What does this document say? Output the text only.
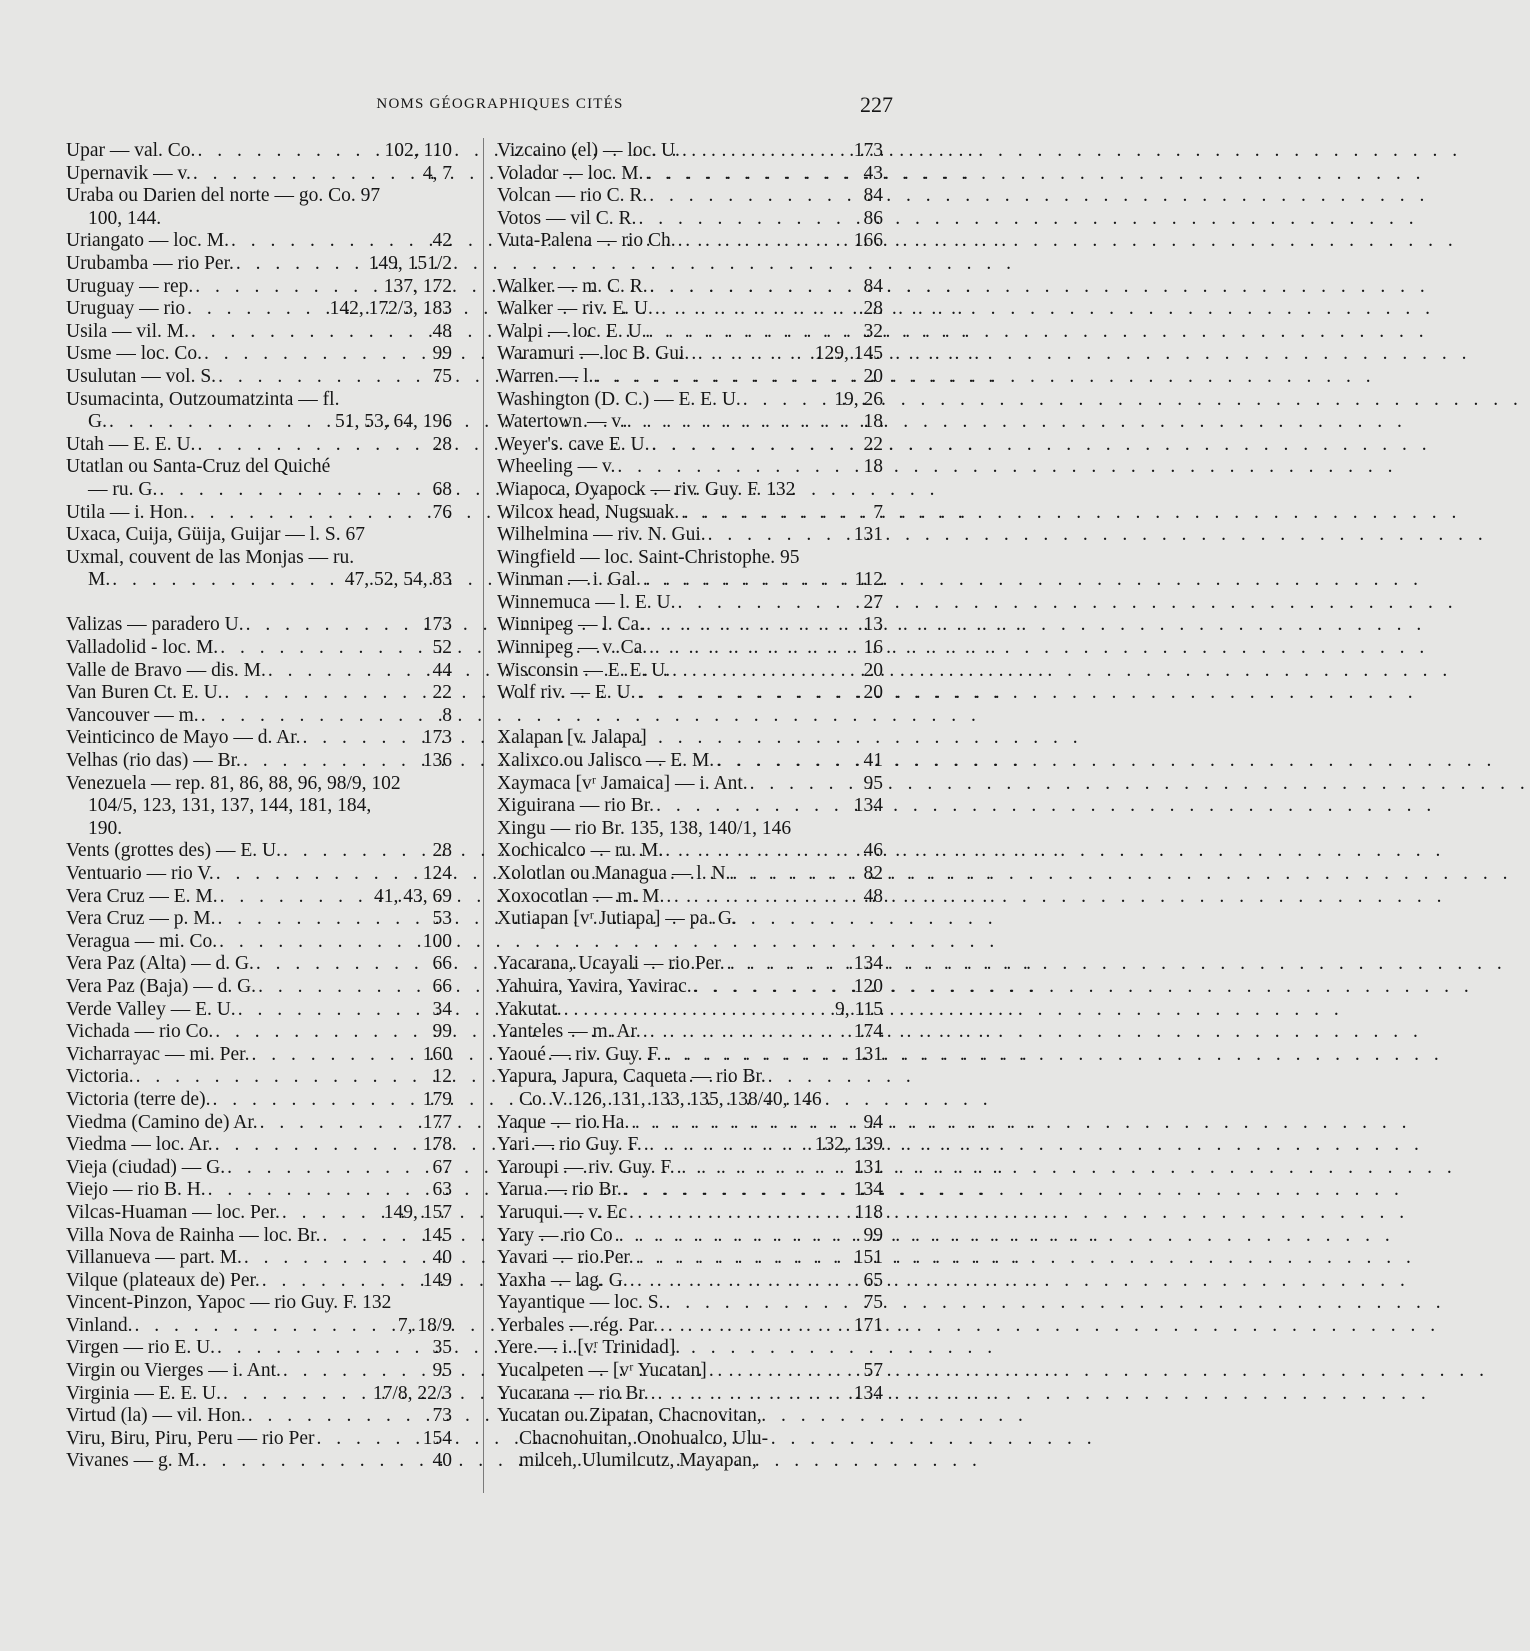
NOMS GÉOGRAPHIQUES CITÉS	227
Upar — val. Co. . . .	102, 110
Upernavik — v. . . .	4, 7
Uraba ou Darien del norte — go. Co. 97
100, 144.
Uriangato — loc. M. . . .	42
Urubamba — rio Per. . . .	149, 151/2
Uruguay — rep. . . .	137, 172
Uruguay — rio . . .	142, 172/3, 183
Usila — vil. M. . . .	48
Usme — loc. Co. . . .	99
Usulutan — vol. S. . . .	75
Usumacinta, Outzoumatzinta — fl.
G. . . .	51, 53, 64, 196
Utah — E. E. U. . . .	28
Utatlan ou Santa-Cruz del Quiché
— ru. G. . . .	68
Utila — i. Hon. . . .	76
Uxaca, Cuija, Güija, Guijar — l. S. 67
Uxmal, couvent de las Monjas — ru.
M. . . .	47, 52, 54, 83
Valizas — paradero U. . . .	173
Valladolid - loc. M. . . .	52
Valle de Bravo — dis. M. . . .	44
Van Buren Ct. E. U. . . .	22
Vancouver — m. . . .	8
Veinticinco de Mayo — d. Ar. . . .	173
Velhas (rio das) — Br. . . .	136
Venezuela — rep. 81, 86, 88, 96, 98/9, 102
104/5, 123, 131, 137, 144, 181, 184,
190.
Vents (grottes des) — E. U. . . .	28
Ventuario — rio V. . . .	124
Vera Cruz — E. M. . . .	41, 43, 69
Vera Cruz — p. M. . . .	53
Veragua — mi. Co. . . .	100
Vera Paz (Alta) — d. G. . . .	66
Vera Paz (Baja) — d. G. . . .	66
Verde Valley — E. U. . . .	34
Vichada — rio Co. . . .	99
Vicharrayac — mi. Per. . . .	160
Victoria. . . .	12
Victoria (terre de). . . .	179
Viedma (Camino de) Ar. . . .	177
Viedma — loc. Ar. . . .	178
Vieja (ciudad) — G. . . .	67
Viejo — rio B. H. . . .	63
Vilcas-Huaman — loc. Per. . . .	149, 157
Villa Nova de Rainha — loc. Br. . . .	145
Villanueva — part. M. . . .	40
Vilque (plateaux de) Per. . . .	149
Vincent-Pinzon, Yapoc — rio Guy. F. 132
Vinland. . . .	7, 18/9
Virgen — rio E. U. . . .	35
Virgin ou Vierges — i. Ant. . . .	95
Virginia — E. E. U. . . .	17/8, 22/3
Virtud (la) — vil. Hon. . . .	73
Viru, Biru, Piru, Peru — rio Per . . .	154
Vivanes — g. M. . . .	40
Vizcaino (el) — loc. U. . . .	173
Volador — loc. M. . . .	43
Volcan — rio C. R. . . .	84
Votos — vil C. R. . . .	86
Vuta-Palena — rio Ch. . . .	166
Walker — m. C. R. . . .	84
Walker — riv. E. U. . . .	28
Walpi — loc. E. U. . . .	32
Waramuri — loc B. Gui. . . .	129, 145
Warren — l. . . .	20
Washington (D. C.) — E. E. U. . . .	19, 26
Watertown — v. . . .	18
Weyer's. cave E. U. . . .	22
Wheeling — v. . . .	18
Wiapoca, Oyapock — riv. Guy. F. 132
Wilcox head, Nugsuak. . . .	7
Wilhelmina — riv. N. Gui. . . .	131
Wingfield — loc. Saint-Christophe. 95
Winman — i. Gal. . . .	112
Winnemuca — l. E. U. . . .	27
Winnipeg — l. Ca. . . .	13
Winnipeg — v. Ca. . . .	16
Wisconsin — E. E. U. . . .	20
Wolf riv. — E. U. . . .	20
Xalapan [v. Jalapa]
Xalixco ou Jalisco — E. M. . . .	41
Xaymaca [vʳ Jamaica] — i. Ant. . . .	95
Xiguirana — rio Br. . . .	134
Xingu — rio Br. 135, 138, 140/1, 146
Xochicalco — ru. M. . . .	46
Xolotlan ou Managua — l. N. . . .	82
Xoxocotlan — m. M. . . .	48
Xutiapan [vʳ Jutiapa] — pa. G.
Yacarana, Ucayali — rio Per. . . .	134
Yahuira, Yavira, Yavirac. . . .	120
Yakutat. . . .	9, 115
Yanteles — m. Ar. . . .	174
Yaoué — riv. Guy. F. . . .	131
Yapura, Japura, Caqueta — rio Br.
Co. V. 126, 131, 133, 135, 138/40, 146
Yaque — rio Ha. . . .	94
Yari — rio Guy. F. . . .	132, 139
Yaroupi — riv. Guy. F. . . .	131
Yarua — rio Br. . . .	134
Yaruqui — v. Ec . . .	118
Yary — rio Co . . .	99
Yavari — rio Per. . . .	151
Yaxha — lag. G. . . .	65
Yayantique — loc. S. . . .	75
Yerbales — rég. Par. . . .	171
Yere — i. [vʳ Trinidad].
Yucalpeten — [vʳ Yucatan] . . .	57
Yucarana — rio Br. . . .	134
Yucatan ou Zipatan, Chacnovitan,
Chacnohuitan, Onohualco, Ulu-
milceh, Ulumilcutz, Mayapan,
